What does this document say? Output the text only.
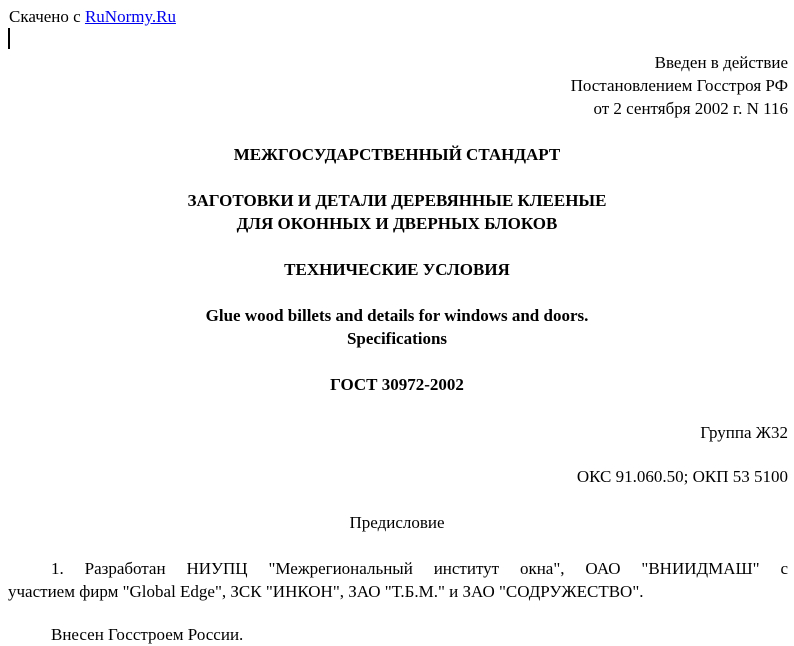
Скачено с RuNormy.Ru
Введен в действие
Постановлением Госстроя РФ
от 2 сентября 2002 г. N 116
МЕЖГОСУДАРСТВЕННЫЙ СТАНДАРТ
ЗАГОТОВКИ И ДЕТАЛИ ДЕРЕВЯННЫЕ КЛЕЕНЫЕ
ДЛЯ ОКОННЫХ И ДВЕРНЫХ БЛОКОВ
ТЕХНИЧЕСКИЕ УСЛОВИЯ
Glue wood billets and details for windows and doors.
Specifications
ГОСТ 30972-2002
Группа Ж32
ОКС 91.060.50; ОКП 53 5100
Предисловие
1. Разработан НИУПЦ "Межрегиональный институт окна", ОАО "ВНИИДМАШ" с
участием фирм "Global Edge", ЗСК "ИНКОН", ЗАО "Т.Б.М." и ЗАО "СОДРУЖЕСТВО".
Внесен Госстроем России.
